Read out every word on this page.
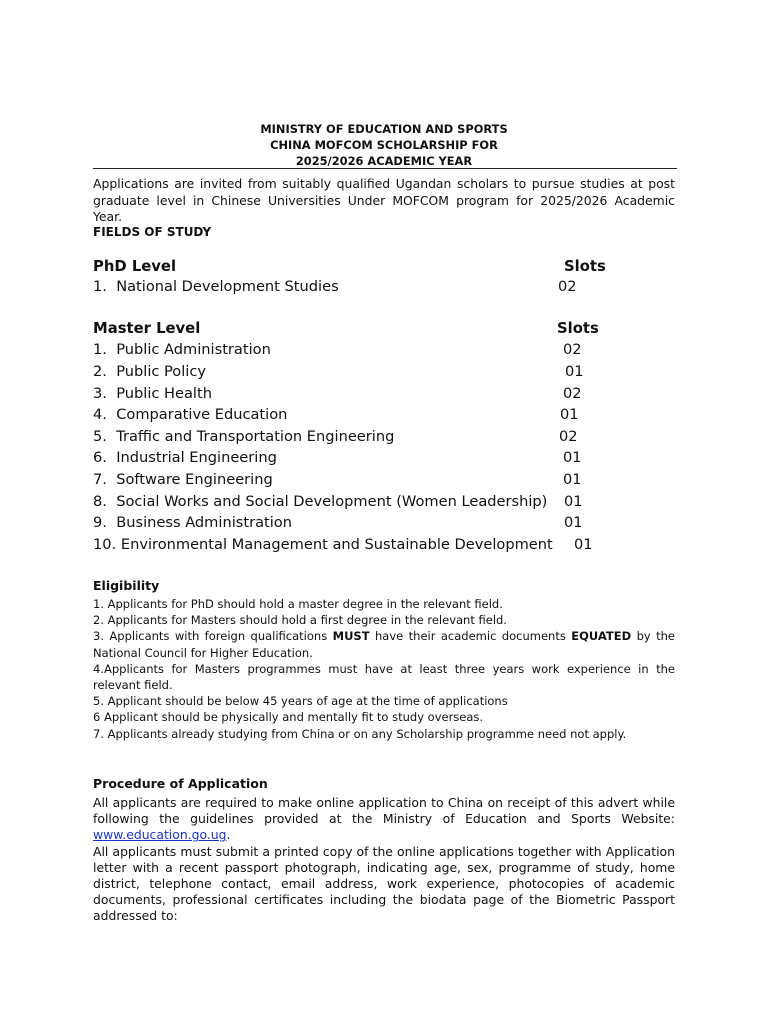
MINISTRY OF EDUCATION AND SPORTS
CHINA MOFCOM SCHOLARSHIP FOR
2025/2026 ACADEMIC YEAR
Applications are invited from suitably qualified Ugandan scholars to pursue studies at post graduate level in Chinese Universities Under MOFCOM program for 2025/2026 Academic Year.
FIELDS OF STUDY
PhD Level	Slots
1.  National Development Studies	02
Master Level	Slots
1.  Public Administration	02
2.  Public Policy	01
3.  Public Health	02
4.  Comparative Education	01
5.  Traffic and Transportation Engineering	02
6.  Industrial Engineering	01
7.  Software Engineering	01
8.  Social Works and Social Development (Women Leadership) 01
9.  Business Administration	01
10. Environmental Management and Sustainable Development 01
Eligibility
1. Applicants for PhD should hold a master degree in the relevant field.
2. Applicants for Masters should hold a first degree in the relevant field.
3. Applicants with foreign qualifications MUST have their academic documents EQUATED by the National Council for Higher Education.
4.Applicants for Masters programmes must have at least three years work experience in the relevant field.
5. Applicant should be below 45 years of age at the time of applications
6 Applicant should be physically and mentally fit to study overseas.
7. Applicants already studying from China or on any Scholarship programme need not apply.
Procedure of Application
All applicants are required to make online application to China on receipt of this advert while following the guidelines provided at the Ministry of Education and Sports Website: www.education.go.ug.
All applicants must submit a printed copy of the online applications together with Application letter with a recent passport photograph, indicating age, sex, programme of study, home district, telephone contact, email address, work experience, photocopies of academic documents, professional certificates including the biodata page of the Biometric Passport addressed to:
